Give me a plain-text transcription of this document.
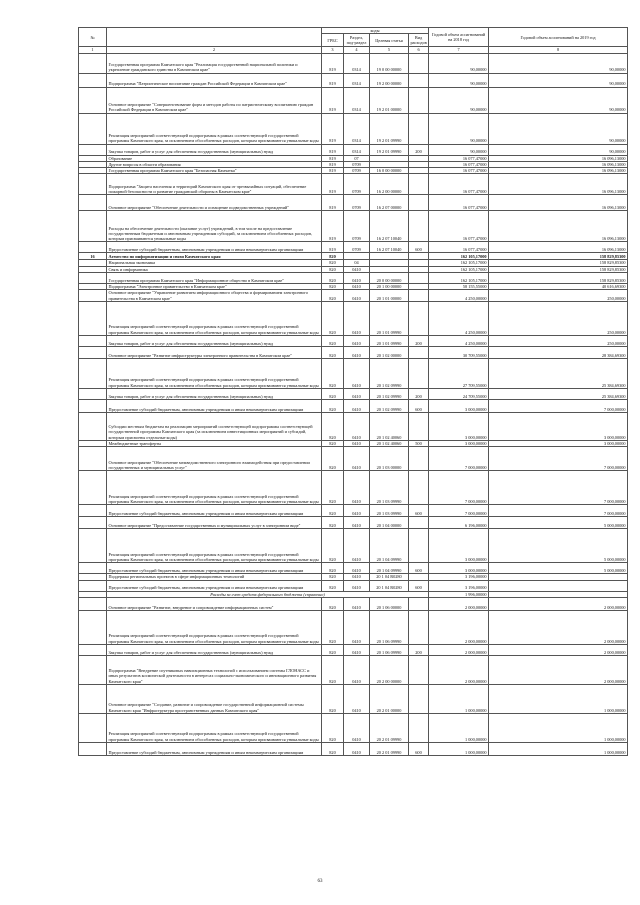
№		коды				Годовой объем ассигнований на 2018 год	Годовой объем ассигнований на 2019 год
		ГРБС	Раздел, под-раздел	Целевая статья	Вид расходов		
1	2	3	4	5	6	7	8
	Государственная программа Камчатского края "Реализация государственной национальной политики и укрепление гражданского единства в Камчатском крае"	819	0314	19 0 00 00000		90,00000	90,00000
	Подпрограмма "Патриотическое воспитание граждан Российской Федерации в Камчатском крае"	819	0314	19 2 00 00000		90,00000	90,00000
	Основное мероприятие "Совершенствование форм и методов работы по патриотическому воспитанию граждан Российской Федерации в Камчатском крае"	819	0314	19 2 01 00000		90,00000	90,00000
	Реализация мероприятий соответствующей подпрограммы в рамках соответствующей государственной программы Камчатского края, за исключением обособленных расходов, которым присваиваются уникальные коды	819	0314	19 2 01 09990		90,00000	90,00000
	Закупка товаров, работ и услуг для обеспечения государственных (муниципальных) нужд	819	0314	19 2 01 09990	200	90,00000	90,00000
	Образование	819	07			16 077,47000	16 096,13000
	Другие вопросы в области образования	819	0709			16 077,47000	16 096,13000
	Государственная программа Камчатского края "Безопасная Камчатка"	819	0709	16 0 00 00000		16 077,47000	16 096,13000
	Подпрограмма "Защита населения и территорий Камчатского края от чрезвычайных ситуаций, обеспечение пожарной безопасности и развитие гражданской обороны в Камчатском крае"	819	0709	16 2 00 00000		16 077,47000	16 096,13000
	Основное мероприятие "Обеспечение деятельности и оснащение подведомственных учреждений"	819	0709	16 2 07 00000		16 077,47000	16 096,13000
	Расходы на обеспечение деятельности (оказание услуг) учреждений, в том числе на предоставление государственным бюджетным и автономным учреждениям субсидий, за исключением обособленных расходов, которым присваиваются уникальные коды	819	0709	16 2 07 10040		16 077,47000	16 096,13000
	Предоставление субсидий бюджетным, автономным учреждениям и иным некоммерческим организациям	819	0709	16 2 07 10040	600	16 077,47000	16 096,13000
16	Агентство по информатизации и связи Камчатского края	820				162 105,17000	158 829,85300
	Национальная экономика	820	04			162 105,17000	158 829,85300
	Связь и информатика	820	0410			162 105,17000	158 829,85300
	Государственная программа Камчатского края "Информационное общество в Камчатском крае"	820	0410	20 0 00 00000		162 105,17000	158 829,85300
	Подпрограмма "Электронное правительство в Камчатском крае"	820	0410	20 1 00 00000		58 155,55000	40 616,69300
	Основное мероприятие "Управление развитием информационного общества и формированием электронного правительства в Камчатском крае"	820	0410	20 1 01 00000		4 250,00000	250,00000
	Реализация мероприятий соответствующей подпрограммы в рамках соответствующей государственной программы Камчатского края, за исключением обособленных расходов, которым присваиваются уникальные коды	820	0410	20 1 01 09990		4 250,00000	250,00000
	Закупка товаров, работ и услуг для обеспечения государственных (муниципальных) нужд	820	0410	20 1 01 09990	200	4 250,00000	250,00000
	Основное мероприятие "Развитие инфраструктуры электронного правительства в Камчатском крае"	820	0410	20 1 02 00000		30 709,55000	28 384,69300
	Реализация мероприятий соответствующей подпрограммы в рамках соответствующей государственной программы Камчатского края, за исключением обособленных расходов, которым присваиваются уникальные коды	820	0410	20 1 02 09990		27 709,55000	25 384,69300
	Закупка товаров, работ и услуг для обеспечения государственных (муниципальных) нужд	820	0410	20 1 02 09990	200	24 709,55000	25 384,69300
	Предоставление субсидий бюджетным, автономным учреждениям и иным некоммерческим организациям	820	0410	20 1 02 09990	600	3 000,00000	7 000,00000
	Субсидии местным бюджетам на реализацию мероприятий соответствующей подпрограммы соответствующей государственной программы Камчатского края (за исключением инвестиционных мероприятий и субсидий, которым присвоены отдельные коды)	820	0410	20 1 02 40060		3 000,00000	3 000,00000
	Межбюджетные трансферты	820	0410	20 1 02 40060	500	3 000,00000	3 000,00000
	Основное мероприятие "Обеспечение межведомственного электронного взаимодействия при предоставлении государственных и муниципальных услуг"	820	0410	20 1 03 00000		7 000,00000	7 000,00000
	Реализация мероприятий соответствующей подпрограммы в рамках соответствующей государственной программы Камчатского края, за исключением обособленных расходов, которым присваиваются уникальные коды	820	0410	20 1 03 09990		7 000,00000	7 000,00000
	Предоставление субсидий бюджетным, автономным учреждениям и иным некоммерческим организациям	820	0410	20 1 03 09990	600	7 000,00000	7 000,00000
	Основное мероприятие "Предоставление государственных и муниципальных услуг в электронном виде"	820	0410	20 1 04 00000		6 196,00000	5 000,00000
	Реализация мероприятий соответствующей подпрограммы в рамках соответствующей государственной программы Камчатского края, за исключением обособленных расходов, которым присваиваются уникальные коды	820	0410	20 1 04 09990		3 000,00000	5 000,00000
	Предоставление субсидий бюджетным, автономным учреждениям и иным некоммерческим организациям	820	0410	20 1 04 09990	600	3 000,00000	5 000,00000
	Поддержка региональных проектов в сфере информационных технологий	820	0410	20 1 04 R0280		3 196,00000	
	Предоставление субсидий бюджетным, автономным учреждениям и иным некоммерческим организациям	820	0410	20 1 04 R0280	600	3 196,00000	
	Расходы за счет средств федерального бюджета (справочно)					1 996,00000	
	Основное мероприятие "Развитие, внедрение и сопровождение информационных систем"	820	0410	20 1 06 00000		2 000,00000	2 000,00000
	Реализация мероприятий соответствующей подпрограммы в рамках соответствующей государственной программы Камчатского края, за исключением обособленных расходов, которым присваиваются уникальные коды	820	0410	20 1 06 09990		2 000,00000	2 000,00000
	Закупка товаров, работ и услуг для обеспечения государственных (муниципальных) нужд	820	0410	20 1 06 09990	200	2 000,00000	2 000,00000
	Подпрограмма "Внедрение спутниковых навигационных технологий с использованием системы ГЛОНАСС и иных результатов космической деятельности в интересах социально-экономического и инновационного развития Камчатского края"	820	0410	20 2 00 00000		2 000,00000	2 000,00000
	Основное мероприятие "Создание, развитие и сопровождение государственной информационной системы Камчатского края "Инфраструктура пространственных данных Камчатского края"	820	0410	20 2 01 00000		1 000,00000	1 000,00000
	Реализация мероприятий соответствующей подпрограммы в рамках соответствующей государственной программы Камчатского края, за исключением обособленных расходов, которым присваиваются уникальные коды	820	0410	20 2 01 09990		1 000,00000	1 000,00000
	Предоставление субсидий бюджетным, автономным учреждениям и иным некоммерческим организациям	820	0410	20 2 01 09990	600	1 000,00000	1 000,00000
63
